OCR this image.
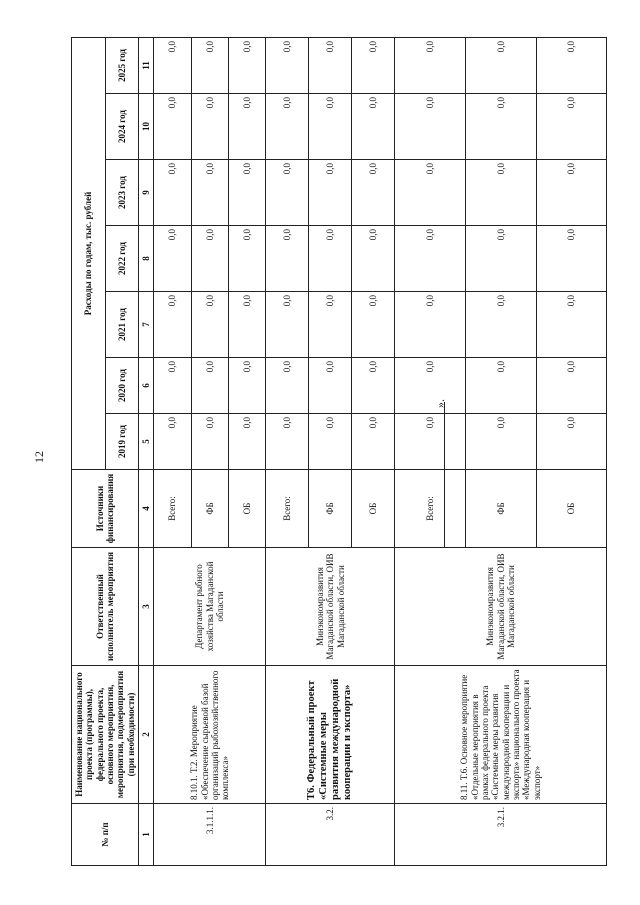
12
».
№ п/п	Наименование национального проекта (программы), федерального проекта, основного мероприятия, мероприятия, подмероприятия (при необходимости)	Ответственный исполнитель мероприятия	Источники финансирования	Расходы по годам, тыс. рублей						
				2019 год	2020 год	2021 год	2022 год	2023 год	2024 год	2025 год
1	2	3	4	5	6	7	8	9	10	11
3.1.1.1.	8.10.1. Т.2. Мероприятие «Обеспечение сырьевой базой организаций рыбохозяйственного комплекса»	Департамент рыбного хозяйства Магаданской области	Всего:	0,0	0,0	0,0	0,0	0,0	0,0	0,0
			ФБ	0,0	0,0	0,0	0,0	0,0	0,0	0,0
			ОБ	0,0	0,0	0,0	0,0	0,0	0,0	0,0
3.2.	Т6. Федеральный проект «Системные меры развития международной кооперации и экспорта»	Минэкономразвития Магаданской области, ОИВ Магаданской области	Всего:	0,0	0,0	0,0	0,0	0,0	0,0	0,0
			ФБ	0,0	0,0	0,0	0,0	0,0	0,0	0,0
			ОБ	0,0	0,0	0,0	0,0	0,0	0,0	0,0
3.2.1.	8.11. Т.6. Основное мероприятие «Отдельные мероприятия в рамках федерального проекта «Системные меры развития международной кооперации и экспорта» национального проекта «Международная кооперация и экспорт»	Минэкономразвития Магаданской области, ОИВ Магаданской области	Всего:	0,0	0,0	0,0	0,0	0,0	0,0	0,0
			ФБ	0,0	0,0	0,0	0,0	0,0	0,0	0,0
			ОБ	0,0	0,0	0,0	0,0	0,0	0,0	0,0
